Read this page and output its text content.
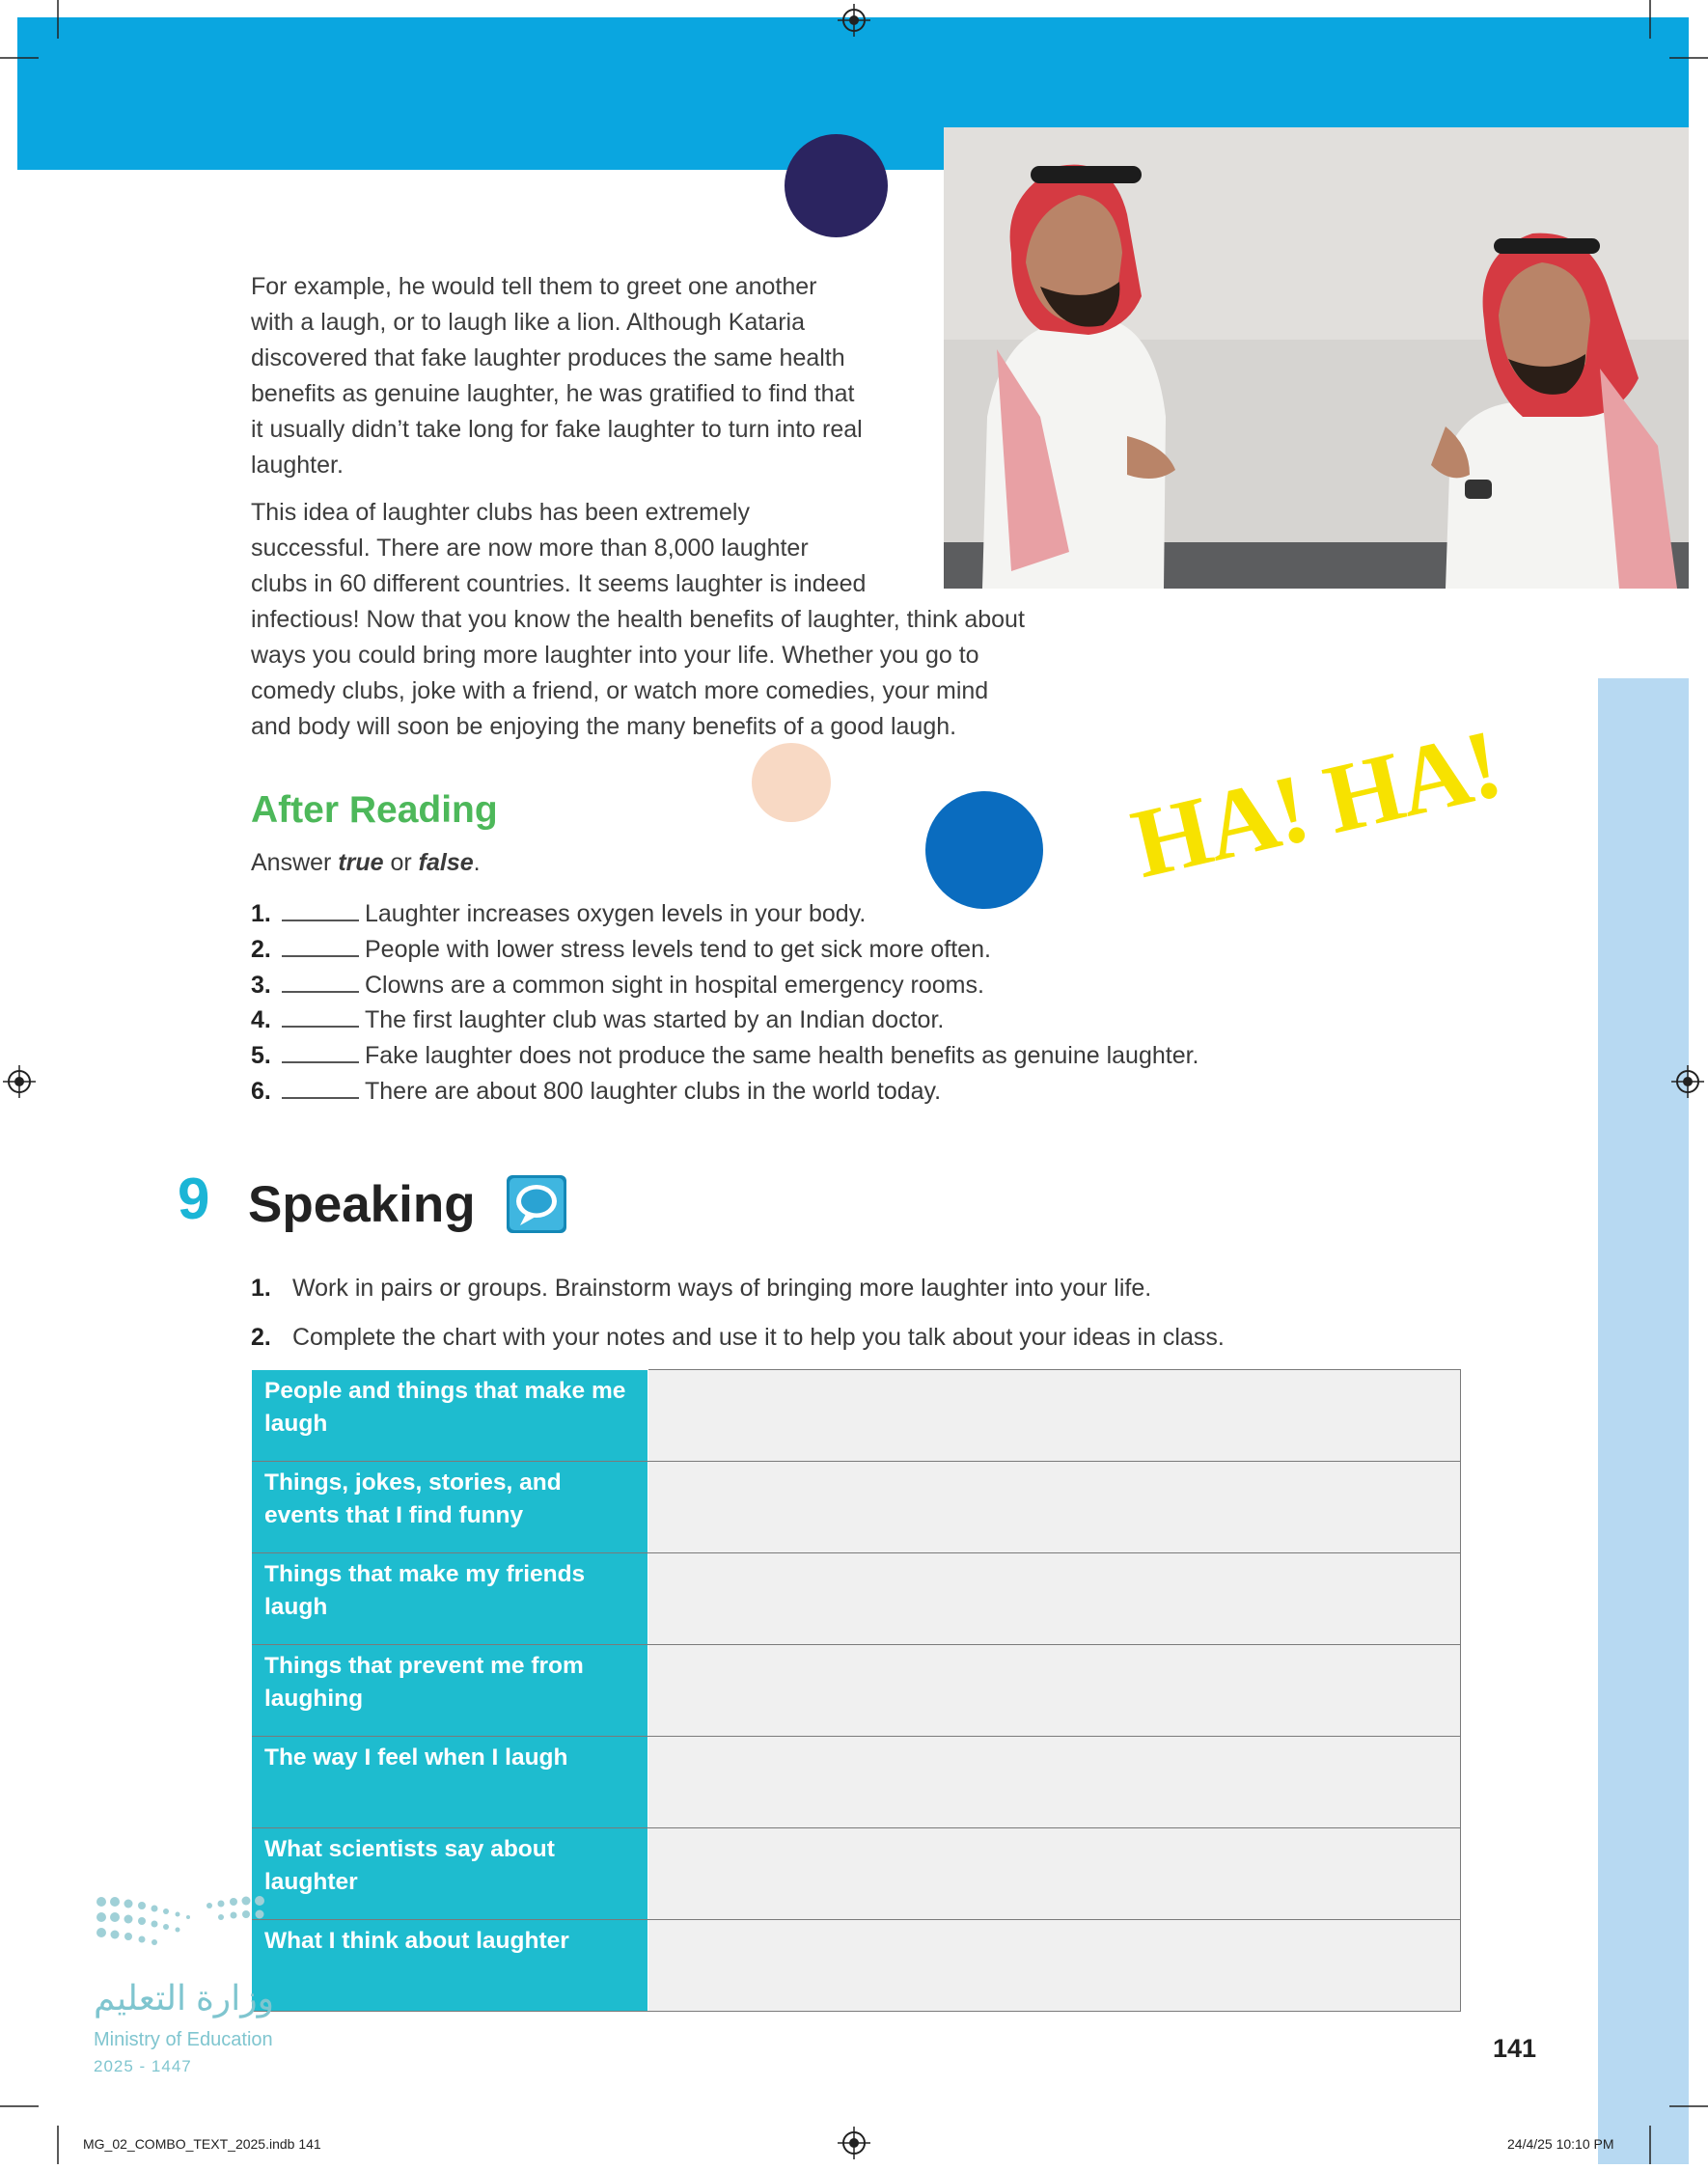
For example, he would tell them to greet one another
with a laugh, or to laugh like a lion. Although Kataria
discovered that fake laughter produces the same health
benefits as genuine laughter, he was gratified to find that
it usually didn’t take long for fake laughter to turn into real
laughter.

This idea of laughter clubs has been extremely
successful. There are now more than 8,000 laughter
clubs in 60 different countries. It seems laughter is indeed
infectious! Now that you know the health benefits of laughter, think about
ways you could bring more laughter into your life. Whether you go to
comedy clubs, joke with a friend, or watch more comedies, your mind
and body will soon be enjoying the many benefits of a good laugh.

After Reading
Answer true or false.
1.	Laughter increases oxygen levels in your body.
2.	People with lower stress levels tend to get sick more often.
3.	Clowns are a common sight in hospital emergency rooms.
4.	The first laughter club was started by an Indian doctor.
5.	Fake laughter does not produce the same health benefits as genuine laughter.
6.	There are about 800 laughter clubs in the world today.
HA! HA!
9 Speaking
1. Work in pairs or groups. Brainstorm ways of bringing more laughter into your life.
2. Complete the chart with your notes and use it to help you talk about your ideas in class.
People and things that make me laugh	
Things, jokes, stories, and events that I find funny	
Things that make my friends laugh	
Things that prevent me from laughing	
The way I feel when I laugh	
What scientists say about laughter	
What I think about laughter	
وزارة التعليم
Ministry of Education
2025 - 1447
141
MG_02_COMBO_TEXT_2025.indb 141	24/4/25 10:10 PM
